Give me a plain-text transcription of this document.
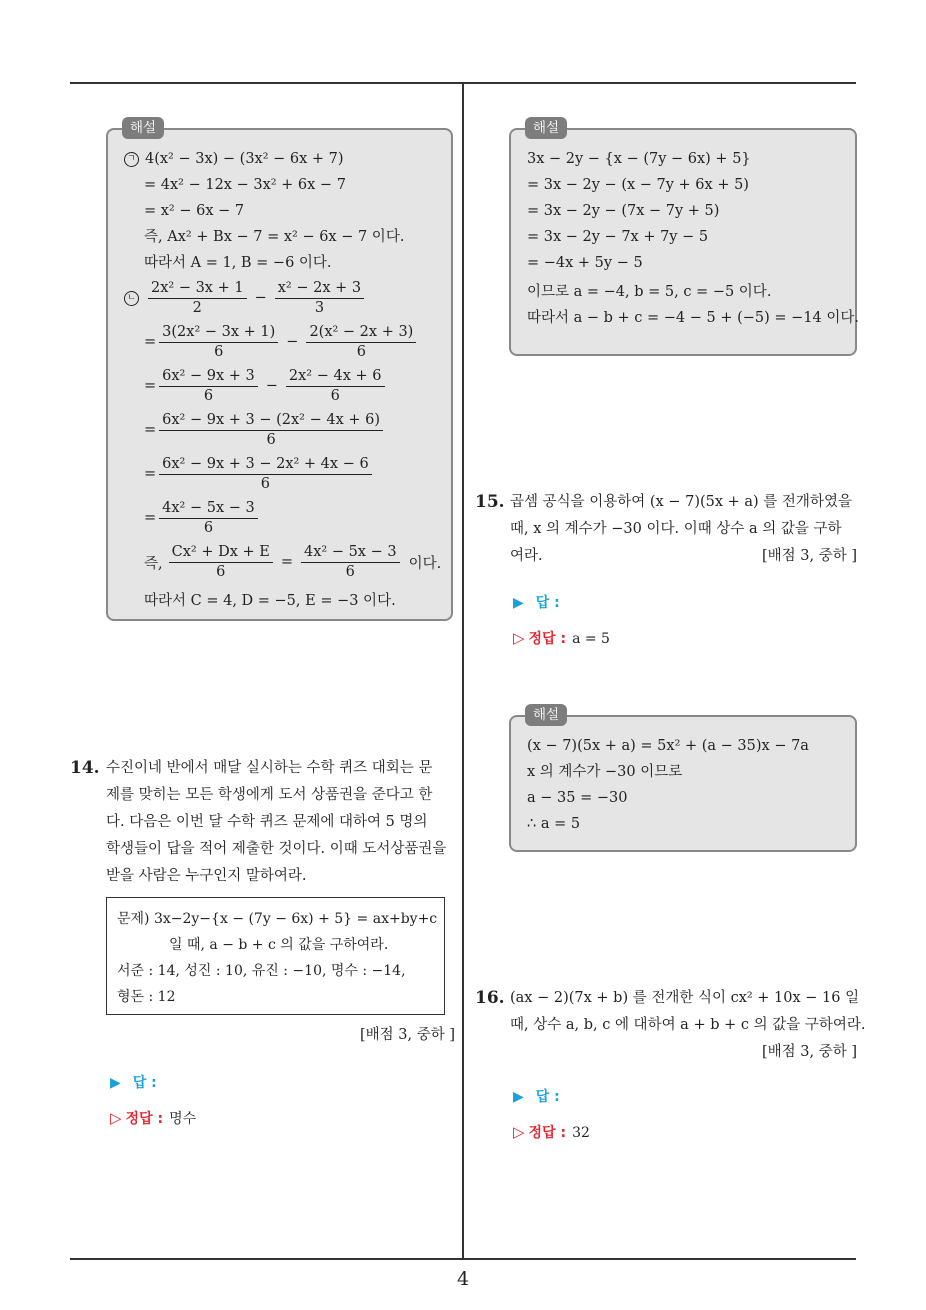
해설
ㄱ 4(x² − 3x) − (3x² − 6x + 7)
= 4x² − 12x − 3x² + 6x − 7
= x² − 6x − 7
즉, Ax² + Bx − 7 = x² − 6x − 7 이다.
따라서 A = 1, B = −6 이다.
ㄴ $\frac{\text{2x² − 3x + 1}}{2} - \frac{\text{x² − 2x + 3}}{3}$
= $\frac{\text{3(2x² − 3x + 1)}}{6} - \frac{\text{2(x² − 2x + 3)}}{6}$
= $\frac{\text{6x² − 9x + 3}}{6} - \frac{\text{2x² − 4x + 6}}{6}$
= $\frac{\text{6x² − 9x + 3 − (2x² − 4x + 6)}}{6}$
= $\frac{\text{6x² − 9x + 3 − 2x² + 4x − 6}}{6}$
= $\frac{\text{4x² − 5x − 3}}{6}$
즉, $\frac{\text{Cx² + Dx + E}}{6} = \frac{\text{4x² − 5x − 3}}{6}$ 이다.
따라서 C = 4, D = −5, E = −3 이다.
14. 수진이네 반에서 매달 실시하는 수학 퀴즈 대회는 문
제를 맞히는 모든 학생에게 도서 상품권을 준다고 한
다. 다음은 이번 달 수학 퀴즈 문제에 대하여 5 명의
학생들이 답을 적어 제출한 것이다. 이때 도서상품권을
받을 사람은 누구인지 말하여라.
문제) 3x−2y−{x − (7y − 6x) + 5} = ax+by+c
일 때, a − b + c 의 값을 구하여라.
서준 : 14, 성진 : 10, 유진 : −10, 명수 : −14,
형돈 : 12
[배점 3, 중하 ]
▶ 답 :
▷ 정답 : 명수
해설
3x − 2y − {x − (7y − 6x) + 5}
= 3x − 2y − (x − 7y + 6x + 5)
= 3x − 2y − (7x − 7y + 5)
= 3x − 2y − 7x + 7y − 5
= −4x + 5y − 5
이므로 a = −4, b = 5, c = −5 이다.
따라서 a − b + c = −4 − 5 + (−5) = −14 이다.
15. 곱셈 공식을 이용하여 (x − 7)(5x + a) 를 전개하였을
때, x 의 계수가 −30 이다. 이때 상수 a 의 값을 구하
여라.	[배점 3, 중하 ]
▶ 답 :
▷ 정답 : a = 5
해설
(x − 7)(5x + a) = 5x² + (a − 35)x − 7a
x 의 계수가 −30 이므로
a − 35 = −30
∴ a = 5
16. (ax − 2)(7x + b) 를 전개한 식이 cx² + 10x − 16 일
때, 상수 a, b, c 에 대하여 a + b + c 의 값을 구하여라.
[배점 3, 중하 ]
▶ 답 :
▷ 정답 : 32
4
